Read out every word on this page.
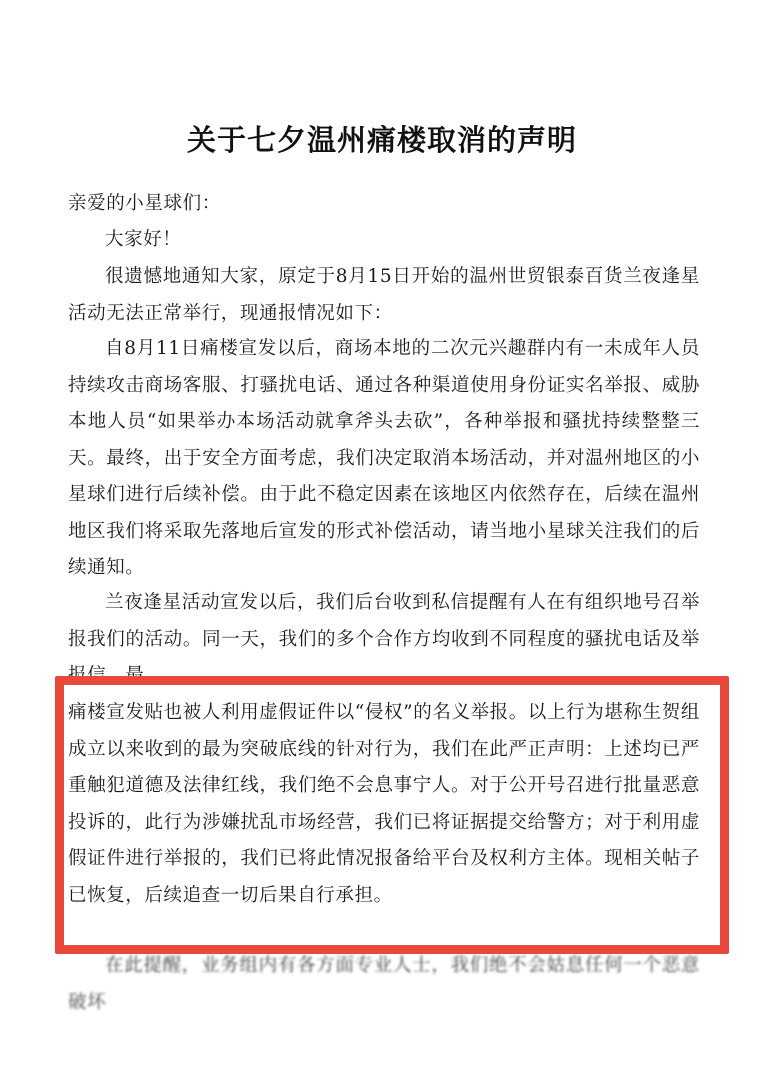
关于七夕温州痛楼取消的声明

亲爱的小星球们：

大家好！

很遗憾地通知大家，原定于8月15日开始的温州世贸银泰百货兰夜逢星活动无法正常举行，现通报情况如下：

自8月11日痛楼宣发以后，商场本地的二次元兴趣群内有一未成年人员持续攻击商场客服、打骚扰电话、通过各种渠道使用身份证实名举报、威胁本地人员“如果举办本场活动就拿斧头去砍”，各种举报和骚扰持续整整三天。最终，出于安全方面考虑，我们决定取消本场活动，并对温州地区的小星球们进行后续补偿。由于此不稳定因素在该地区内依然存在，后续在温州地区我们将采取先落地后宣发的形式补偿活动，请当地小星球关注我们的后续通知。

兰夜逢星活动宣发以后，我们后台收到私信提醒有人在有组织地号召举报我们的活动。同一天，我们的多个合作方均收到不同程度的骚扰电话及举报信，最

痛楼宣发贴也被人利用虚假证件以“侵权”的名义举报。以上行为堪称生贺组成立以来收到的最为突破底线的针对行为，我们在此严正声明：上述均已严重触犯道德及法律红线，我们绝不会息事宁人。对于公开号召进行批量恶意投诉的，此行为涉嫌扰乱市场经营，我们已将证据提交给警方；对于利用虚假证件进行举报的，我们已将此情况报备给平台及权利方主体。现相关帖子已恢复，后续追查一切后果自行承担。

在此提醒，业务组内有各方面专业人士，我们绝不会姑息任何一个恶意破坏
